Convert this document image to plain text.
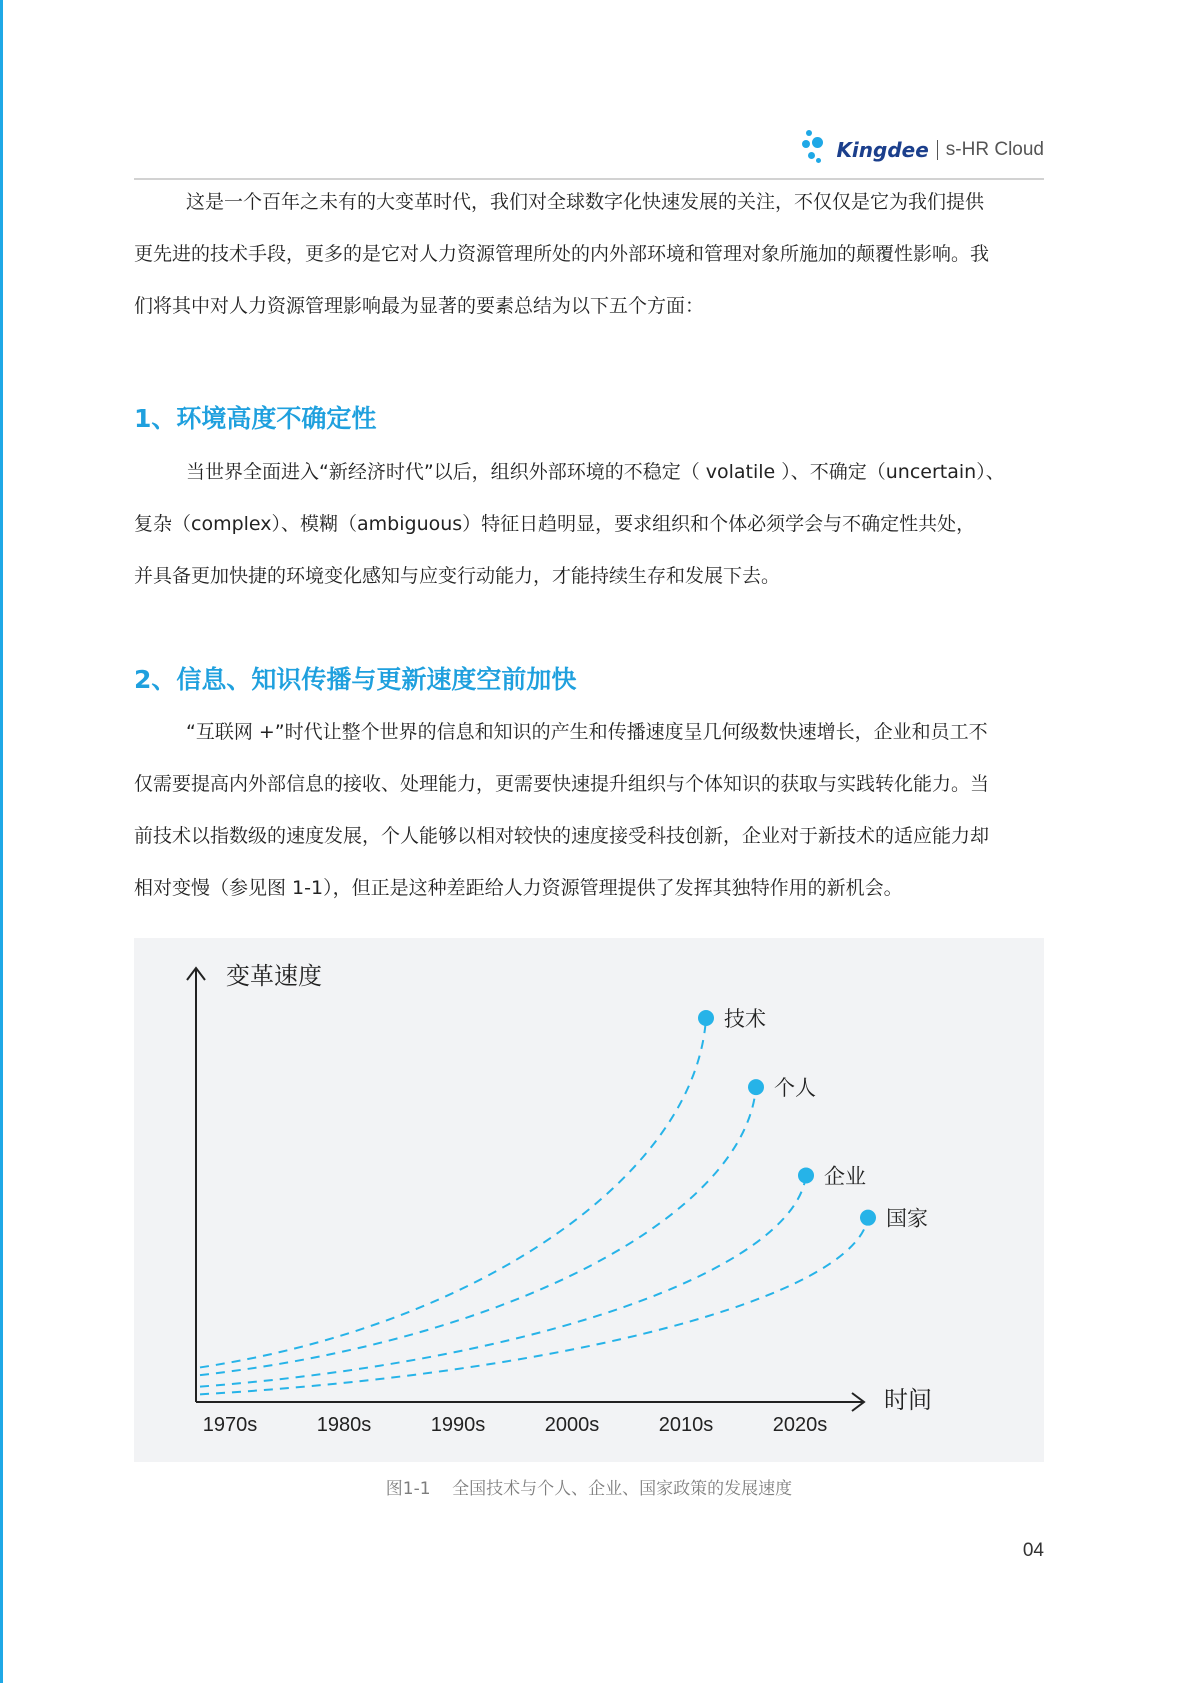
Kingdee s-HR Cloud
这是一个百年之未有的大变革时代，我们对全球数字化快速发展的关注，不仅仅是它为我们提供
更先进的技术手段，更多的是它对人力资源管理所处的内外部环境和管理对象所施加的颠覆性影响。我
们将其中对人力资源管理影响最为显著的要素总结为以下五个方面：
1、环境高度不确定性
当世界全面进入“新经济时代”以后，组织外部环境的不稳定（ volatile ）、不确定（uncertain）、
复杂（complex）、模糊（ambiguous）特征日趋明显，要求组织和个体必须学会与不确定性共处，
并具备更加快捷的环境变化感知与应变行动能力，才能持续生存和发展下去。
2、信息、知识传播与更新速度空前加快
“互联网 +”时代让整个世界的信息和知识的产生和传播速度呈几何级数快速增长，企业和员工不
仅需要提高内外部信息的接收、处理能力，更需要快速提升组织与个体知识的获取与实践转化能力。当
前技术以指数级的速度发展，个人能够以相对较快的速度接受科技创新，企业对于新技术的适应能力却
相对变慢（参见图 1-1），但正是这种差距给人力资源管理提供了发挥其独特作用的新机会。
变革速度
时间
1970s	1980s	1990s	2000s	2010s	2020s
技术
个人
企业
国家
图1-1    全国技术与个人、企业、国家政策的发展速度
04
